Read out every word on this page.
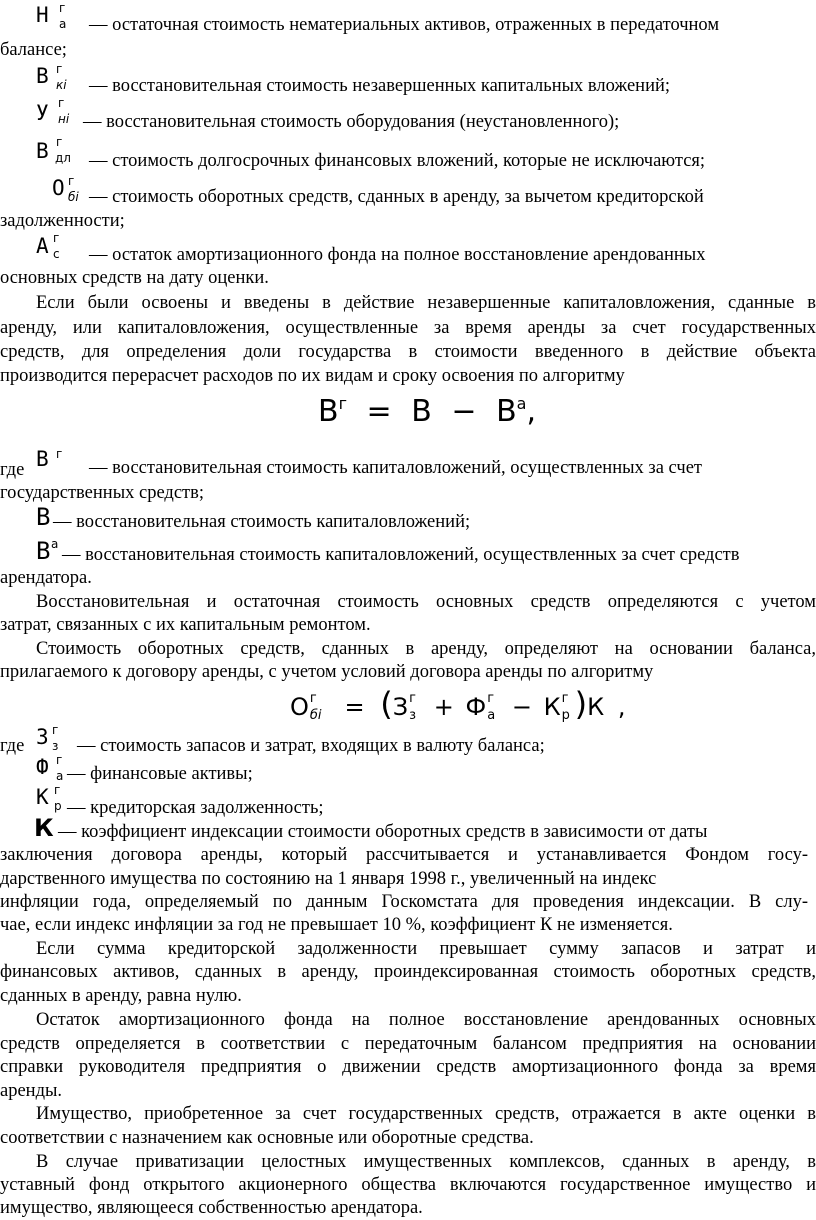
Н г
а — остаточная стоимость нематериальных активов, отраженных в передаточном
балансе;
В г
кi — восстановительная стоимость незавершенных капитальных вложений;
У г
нi — восстановительная стоимость оборудования (неустановленного);
В г
дл — стоимость долгосрочных финансовых вложений, которые не исключаются;
О г
бi — стоимость оборотных средств, сданных в аренду, за вычетом кредиторской
задолженности;
А г
с — остаток амортизационного фонда на полное восстановление арендованных
основных средств на дату оценки.
Если были освоены и введены в действие незавершенные капиталовложения, сданные в
аренду, или капиталовложения, осуществленные за время аренды за счет государственных
средств, для определения доли государства в стоимости введенного в действие объекта
производится перерасчет расходов по их видам и сроку освоения по алгоритму
$В^г = В - В^а$,
где В г
— восстановительная стоимость капиталовложений, осуществленных за счет
государственных средств;
В — восстановительная стоимость капиталовложений;
В а
— восстановительная стоимость капиталовложений, осуществленных за счет средств
арендатора.
Восстановительная и остаточная стоимость основных средств определяются с учетом
затрат, связанных с их капитальным ремонтом.
Стоимость оборотных средств, сданных в аренду, определяют на основании баланса,
прилагаемого к договору аренды, с учетом условий договора аренды по алгоритму
О г
бi = (З г
з + Ф г
а − К г
р )К ,
где З г
з — стоимость запасов и затрат, входящих в валюту баланса;
Ф г
а — финансовые активы;
К г
р — кредиторская задолженность;
К — коэффициент индексации стоимости оборотных средств в зависимости от даты
заключения договора аренды, который рассчитывается и устанавливается Фондом госу-
дарственного имущества по состоянию на 1 января 1998 г., увеличенный на индекс
инфляции года, определяемый по данным Госкомстата для проведения индексации. В слу-
чае, если индекс инфляции за год не превышает 10 %, коэффициент К не изменяется.
Если сумма кредиторской задолженности превышает сумму запасов и затрат и
финансовых активов, сданных в аренду, проиндексированная стоимость оборотных средств,
сданных в аренду, равна нулю.
Остаток амортизационного фонда на полное восстановление арендованных основных
средств определяется в соответствии с передаточным балансом предприятия на основании
справки руководителя предприятия о движении средств амортизационного фонда за время
аренды.
Имущество, приобретенное за счет государственных средств, отражается в акте оценки в
соответствии с назначением как основные или оборотные средства.
В случае приватизации целостных имущественных комплексов, сданных в аренду, в
уставный фонд открытого акционерного общества включаются государственное имущество и
имущество, являющееся собственностью арендатора.
